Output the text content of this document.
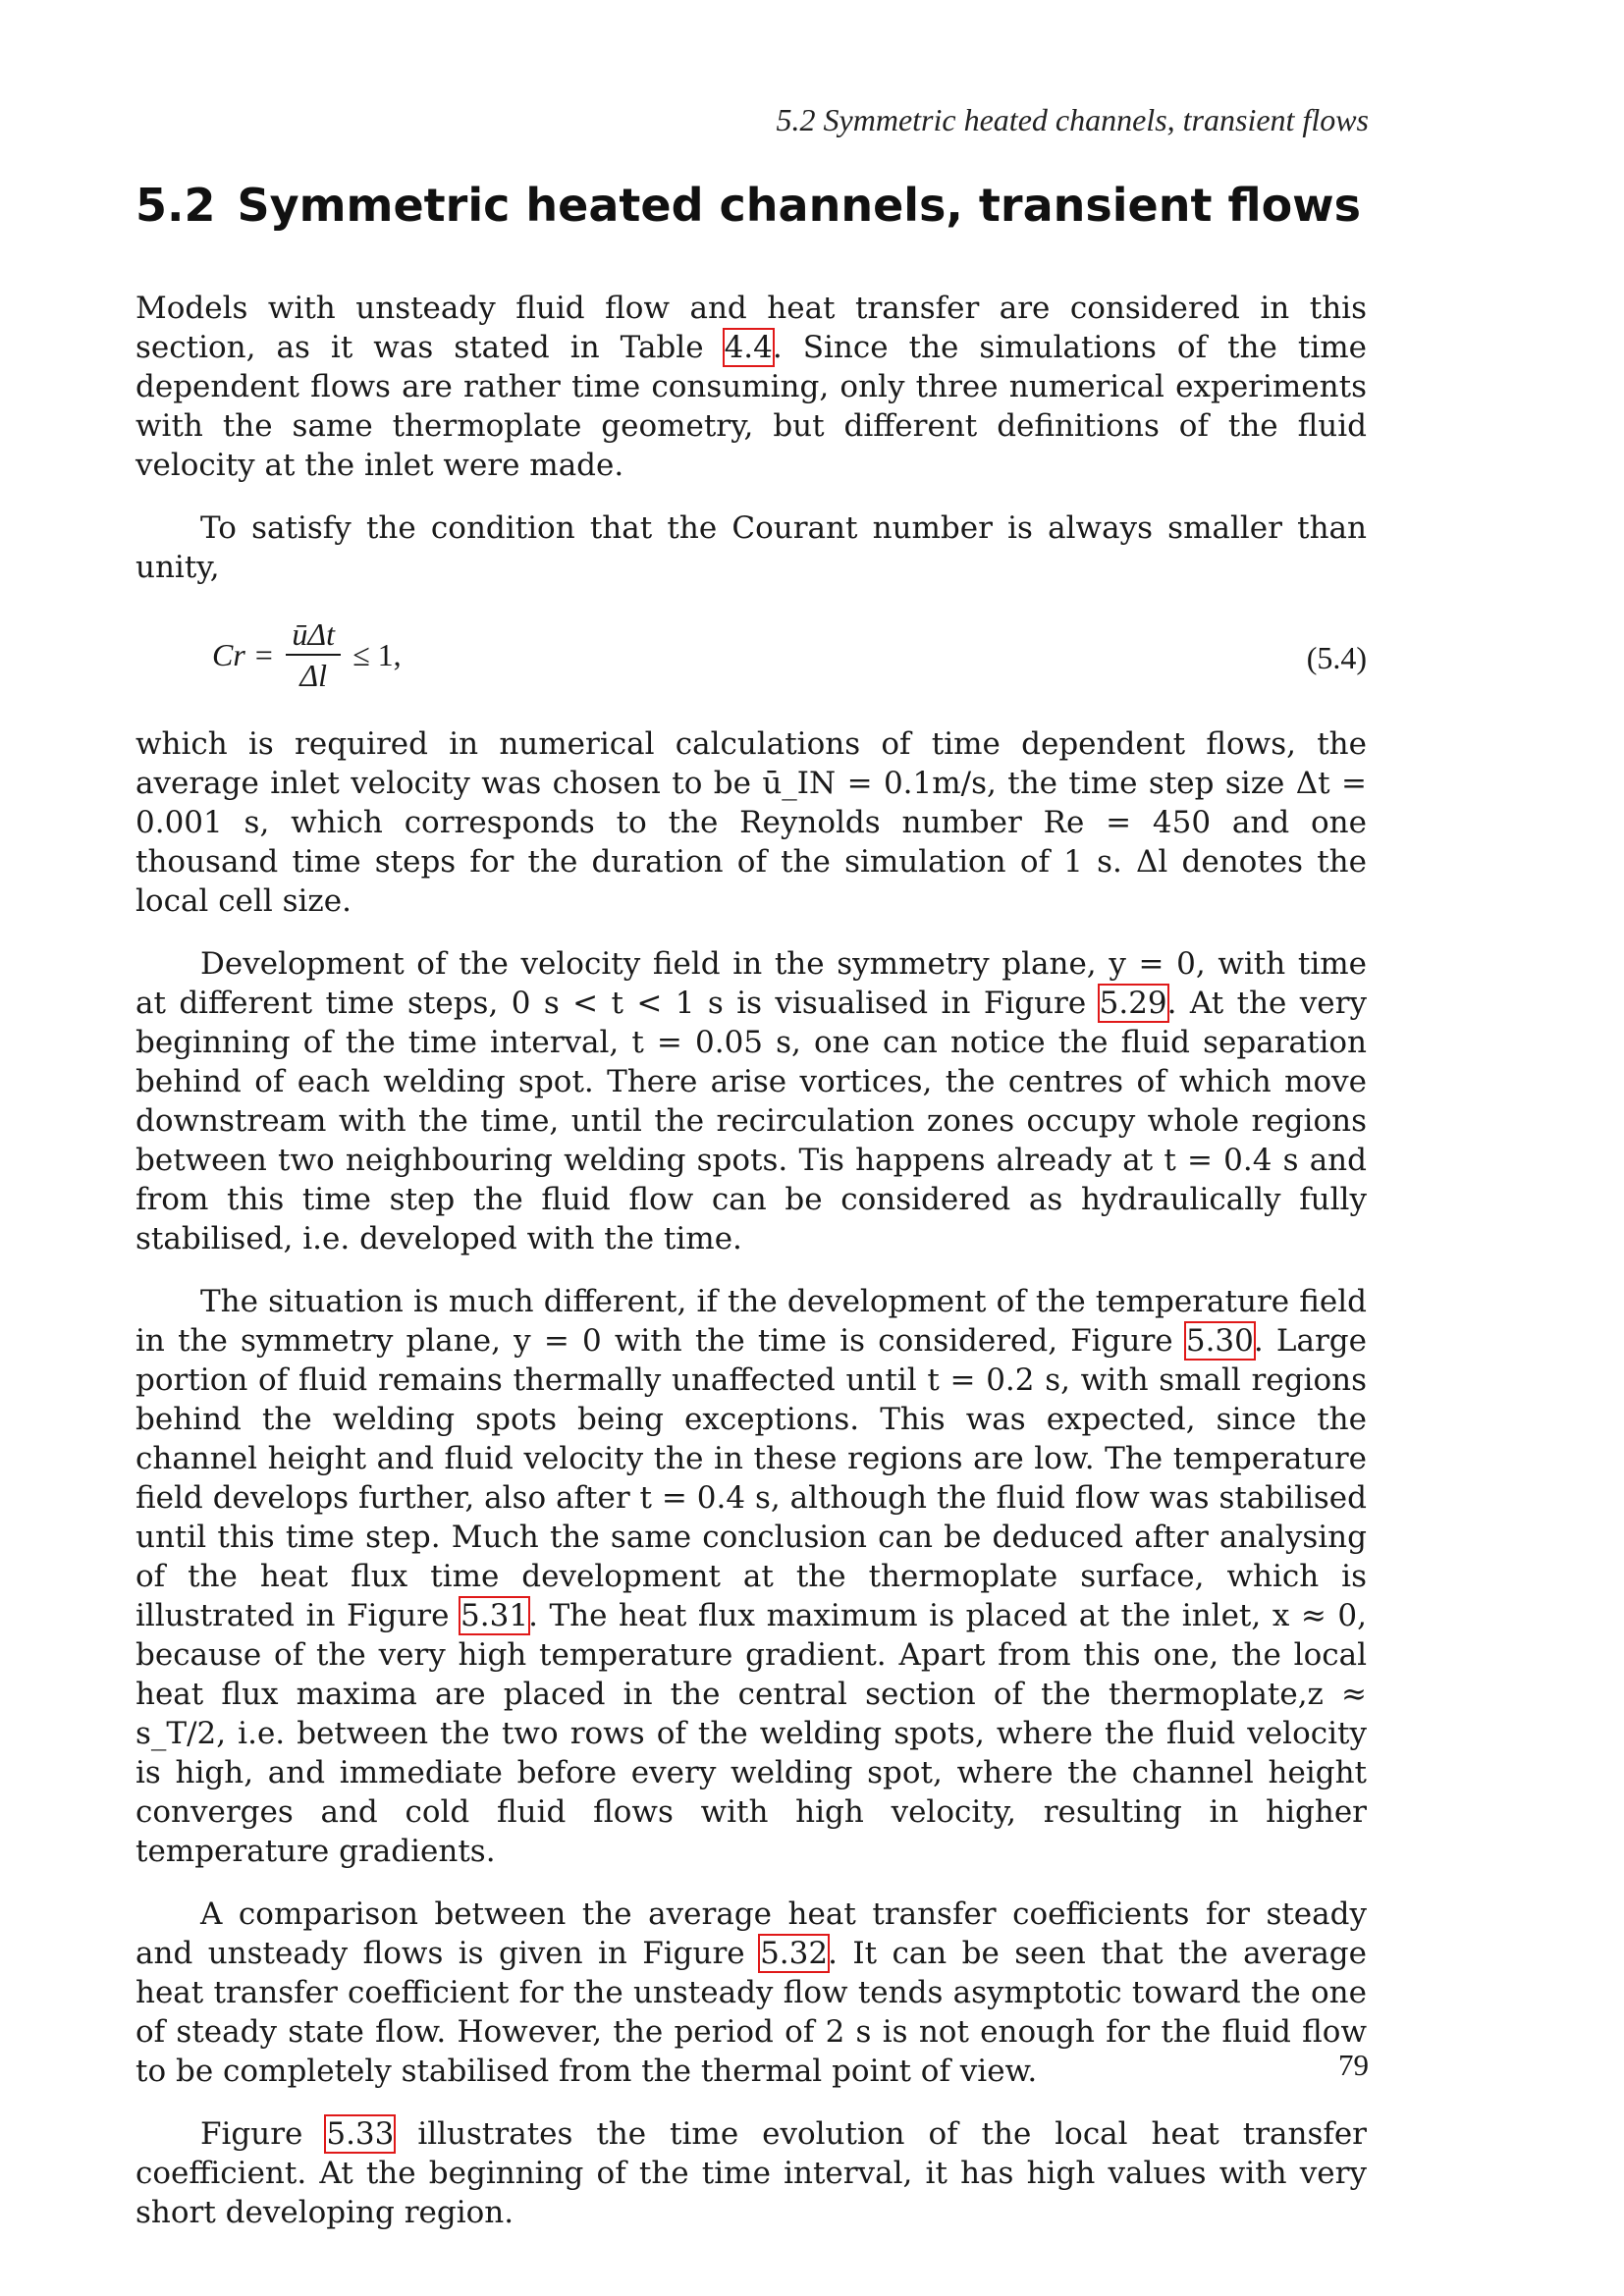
5.2 Symmetric heated channels, transient flows
5.2 Symmetric heated channels, transient flows

Models with unsteady fluid flow and heat transfer are considered in this section, as it was stated in Table 4.4. Since the simulations of the time dependent flows are rather time consuming, only three numerical experiments with the same thermoplate geometry, but different definitions of the fluid velocity at the inlet were made.

To satisfy the condition that the Courant number is always smaller than unity,

$Cr = \frac{\text{ūΔt}}{\Delta l} \le 1$,	(5.4)

which is required in numerical calculations of time dependent flows, the average inlet velocity was chosen to be ū_IN = 0.1m/s, the time step size Δt = 0.001 s, which corresponds to the Reynolds number Re = 450 and one thousand time steps for the duration of the simulation of 1 s. Δl denotes the local cell size.

Development of the velocity field in the symmetry plane, y = 0, with time at different time steps, 0 s < t < 1 s is visualised in Figure 5.29. At the very beginning of the time interval, t = 0.05 s, one can notice the fluid separation behind of each welding spot. There arise vortices, the centres of which move downstream with the time, until the recirculation zones occupy whole regions between two neighbouring welding spots. Tis happens already at t = 0.4 s and from this time step the fluid flow can be considered as hydraulically fully stabilised, i.e. developed with the time.

The situation is much different, if the development of the temperature field in the symmetry plane, y = 0 with the time is considered, Figure 5.30. Large portion of fluid remains thermally unaffected until t = 0.2 s, with small regions behind the welding spots being exceptions. This was expected, since the channel height and fluid velocity the in these regions are low. The temperature field develops further, also after t = 0.4 s, although the fluid flow was stabilised until this time step. Much the same conclusion can be deduced after analysing of the heat flux time development at the thermoplate surface, which is illustrated in Figure 5.31. The heat flux maximum is placed at the inlet, x ≈ 0, because of the very high temperature gradient. Apart from this one, the local heat flux maxima are placed in the central section of the thermoplate,z ≈ s_T/2, i.e. between the two rows of the welding spots, where the fluid velocity is high, and immediate before every welding spot, where the channel height converges and cold fluid flows with high velocity, resulting in higher temperature gradients.

A comparison between the average heat transfer coefficients for steady and unsteady flows is given in Figure 5.32. It can be seen that the average heat transfer coefficient for the unsteady flow tends asymptotic toward the one of steady state flow. However, the period of 2 s is not enough for the fluid flow to be completely stabilised from the thermal point of view.

Figure 5.33 illustrates the time evolution of the local heat transfer coefficient. At the beginning of the time interval, it has high values with very short developing region.

79
